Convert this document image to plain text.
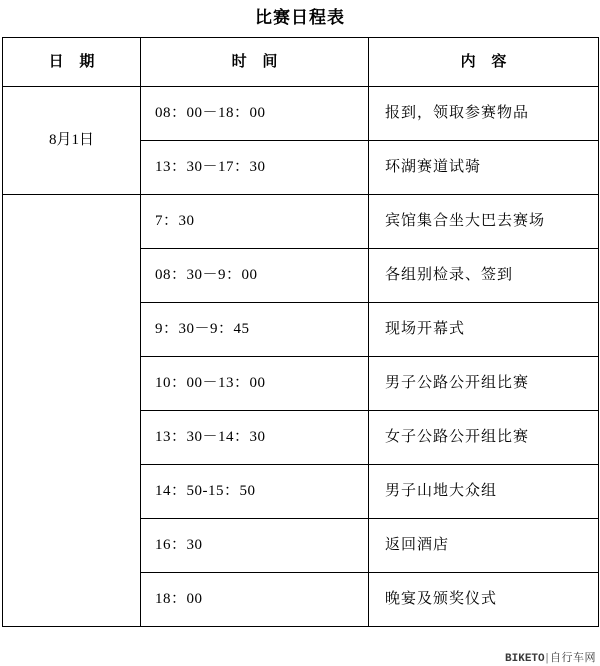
比赛日程表
日 期	时 间	内 容
8月1日	08：00－18：00	报到，领取参赛物品
	13：30－17：30	环湖赛道试骑
	7：30	宾馆集合坐大巴去赛场
	08：30－9：00	各组别检录、签到
	9：30－9：45	现场开幕式
	10：00－13：00	男子公路公开组比赛
	13：30－14：30	女子公路公开组比赛
	14：50-15：50	男子山地大众组
	16：30	返回酒店
	18：00	晚宴及颁奖仪式
BIKETO|自行车网
